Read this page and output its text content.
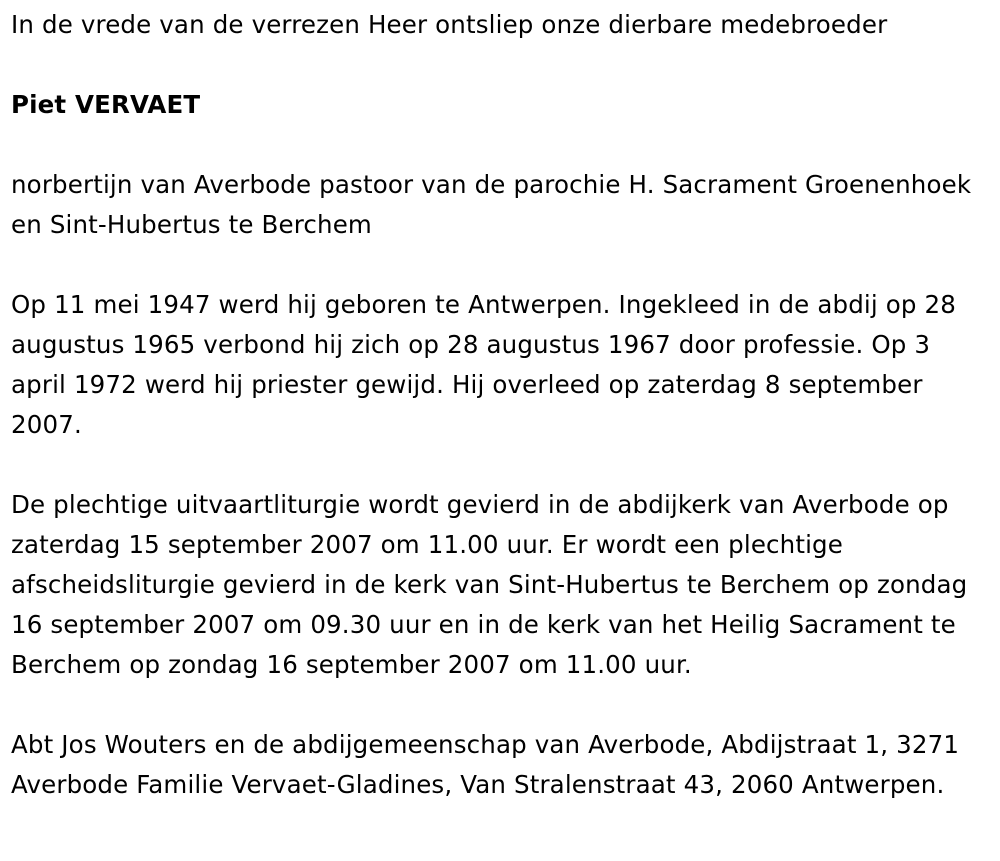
In de vrede van de verrezen Heer ontsliep onze dierbare medebroeder

Piet VERVAET

norbertijn van Averbode pastoor van de parochie H. Sacrament Groenenhoek en Sint-Hubertus te Berchem

Op 11 mei 1947 werd hij geboren te Antwerpen. Ingekleed in de abdij op 28 augustus 1965 verbond hij zich op 28 augustus 1967 door professie. Op 3 april 1972 werd hij priester gewijd. Hij overleed op zaterdag 8 september 2007.

De plechtige uitvaartliturgie wordt gevierd in de abdijkerk van Averbode op zaterdag 15 september 2007 om 11.00 uur. Er wordt een plechtige afscheidsliturgie gevierd in de kerk van Sint-Hubertus te Berchem op zondag 16 september 2007 om 09.30 uur en in de kerk van het Heilig Sacrament te Berchem op zondag 16 september 2007 om 11.00 uur.

Abt Jos Wouters en de abdijgemeenschap van Averbode, Abdijstraat 1, 3271 Averbode Familie Vervaet-Gladines, Van Stralenstraat 43, 2060 Antwerpen.
